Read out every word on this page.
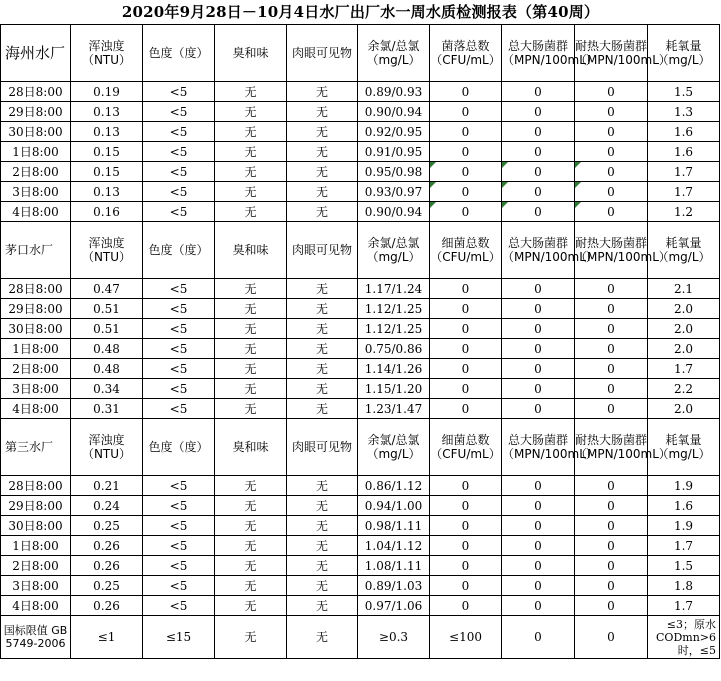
2020年9月28日－10月4日水厂出厂水一周水质检测报表（第40周）
海州水厂	浑浊度（NTU）	色度（度）	臭和味	肉眼可见物	余氯/总氯（mg/L）	菌落总数（CFU/mL）	总大肠菌群（MPN/100mL）	耐热大肠菌群（MPN/100mL）	耗氧量（mg/L）
28日8:00	0.19	<5	无	无	0.89/0.93	0	0	0	1.5
29日8:00	0.13	<5	无	无	0.90/0.94	0	0	0	1.3
30日8:00	0.13	<5	无	无	0.92/0.95	0	0	0	1.6
1日8:00	0.15	<5	无	无	0.91/0.95	0	0	0	1.6
2日8:00	0.15	<5	无	无	0.95/0.98	0	0	0	1.7
3日8:00	0.13	<5	无	无	0.93/0.97	0	0	0	1.7
4日8:00	0.16	<5	无	无	0.90/0.94	0	0	0	1.2
茅口水厂	浑浊度（NTU）	色度（度）	臭和味	肉眼可见物	余氯/总氯（mg/L）	细菌总数（CFU/mL）	总大肠菌群（MPN/100mL）	耐热大肠菌群（MPN/100mL）	耗氧量（mg/L）
28日8:00	0.47	<5	无	无	1.17/1.24	0	0	0	2.1
29日8:00	0.51	<5	无	无	1.12/1.25	0	0	0	2.0
30日8:00	0.51	<5	无	无	1.12/1.25	0	0	0	2.0
1日8:00	0.48	<5	无	无	0.75/0.86	0	0	0	2.0
2日8:00	0.48	<5	无	无	1.14/1.26	0	0	0	1.7
3日8:00	0.34	<5	无	无	1.15/1.20	0	0	0	2.2
4日8:00	0.31	<5	无	无	1.23/1.47	0	0	0	2.0
第三水厂	浑浊度（NTU）	色度（度）	臭和味	肉眼可见物	余氯/总氯（mg/L）	细菌总数（CFU/mL）	总大肠菌群（MPN/100mL）	耐热大肠菌群（MPN/100mL）	耗氧量（mg/L）
28日8:00	0.21	<5	无	无	0.86/1.12	0	0	0	1.9
29日8:00	0.24	<5	无	无	0.94/1.00	0	0	0	1.6
30日8:00	0.25	<5	无	无	0.98/1.11	0	0	0	1.9
1日8:00	0.26	<5	无	无	1.04/1.12	0	0	0	1.7
2日8:00	0.26	<5	无	无	1.08/1.11	0	0	0	1.5
3日8:00	0.25	<5	无	无	0.89/1.03	0	0	0	1.8
4日8:00	0.26	<5	无	无	0.97/1.06	0	0	0	1.7
国标限值 GB 5749-2006	≤1	≤15	无	无	≥0.3	≤100	0	0	≤3；原水CODmn>6时，≤5
